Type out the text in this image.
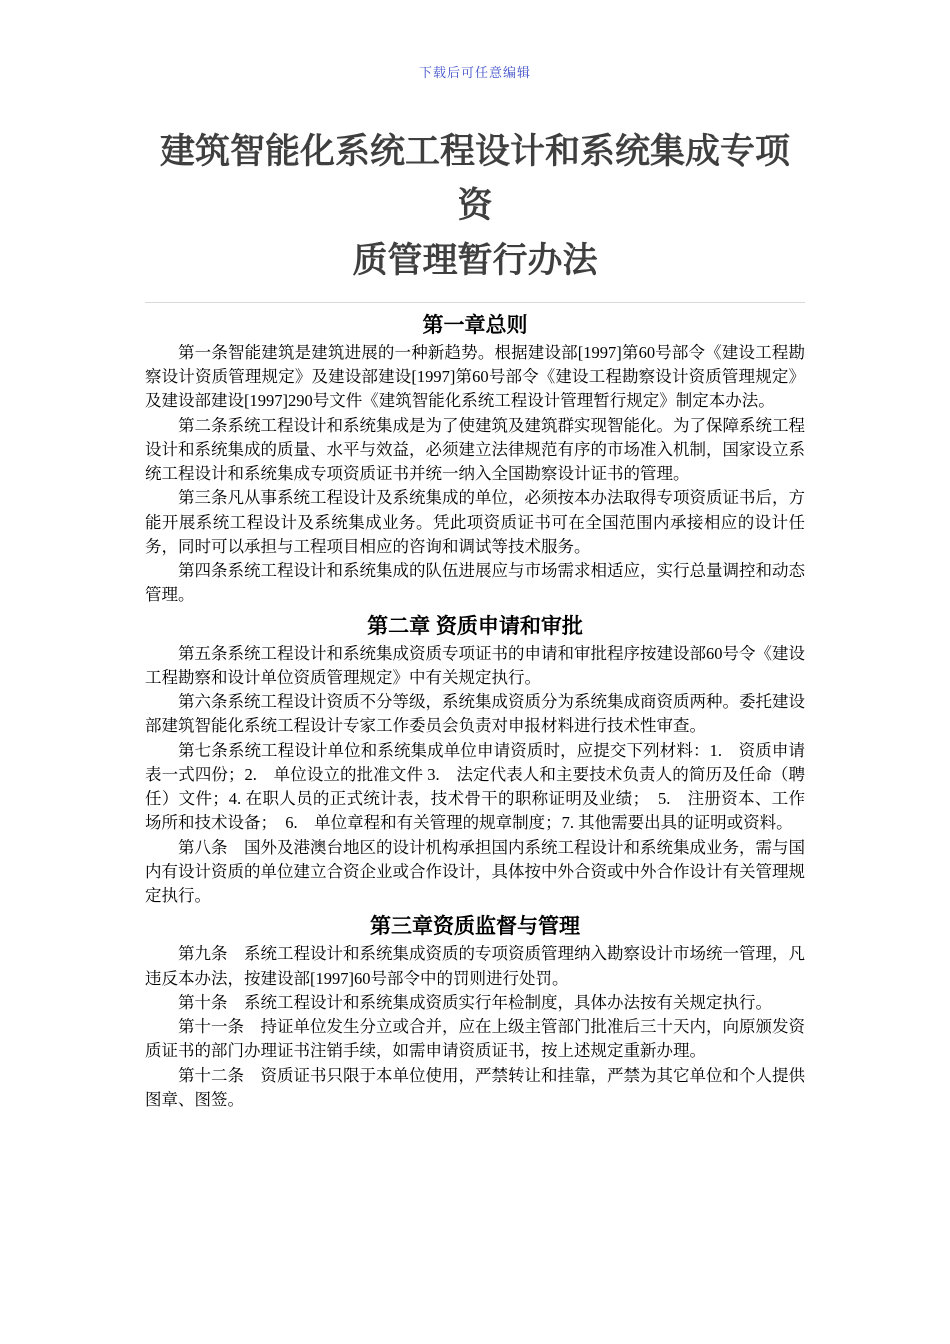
下载后可任意编辑
建筑智能化系统工程设计和系统集成专项资
质管理暂行办法
第一章总则

第一条智能建筑是建筑进展的一种新趋势。根据建设部[1997]第60号部令《建设工程勘察设计资质管理规定》及建设部建设[1997]第60号部令《建设工程勘察设计资质管理规定》及建设部建设[1997]290号文件《建筑智能化系统工程设计管理暂行规定》制定本办法。

第二条系统工程设计和系统集成是为了使建筑及建筑群实现智能化。为了保障系统工程设计和系统集成的质量、水平与效益，必须建立法律规范有序的市场准入机制，国家设立系统工程设计和系统集成专项资质证书并统一纳入全国勘察设计证书的管理。

第三条凡从事系统工程设计及系统集成的单位，必须按本办法取得专项资质证书后，方能开展系统工程设计及系统集成业务。凭此项资质证书可在全国范围内承接相应的设计任务，同时可以承担与工程项目相应的咨询和调试等技术服务。

第四条系统工程设计和系统集成的队伍进展应与市场需求相适应，实行总量调控和动态管理。

第二章 资质申请和审批

第五条系统工程设计和系统集成资质专项证书的申请和审批程序按建设部60号令《建设工程勘察和设计单位资质管理规定》中有关规定执行。

第六条系统工程设计资质不分等级，系统集成资质分为系统集成商资质两种。委托建设部建筑智能化系统工程设计专家工作委员会负责对申报材料进行技术性审查。

第七条系统工程设计单位和系统集成单位申请资质时，应提交下列材料：1.　资质申请表一式四份；2.　单位设立的批准文件 3.　法定代表人和主要技术负责人的简历及任命（聘任）文件；4. 在职人员的正式统计表，技术骨干的职称证明及业绩；　5.　注册资本、工作场所和技术设备；　6.　单位章程和有关管理的规章制度；7. 其他需要出具的证明或资料。

第八条　国外及港澳台地区的设计机构承担国内系统工程设计和系统集成业务，需与国内有设计资质的单位建立合资企业或合作设计，具体按中外合资或中外合作设计有关管理规定执行。

第三章资质监督与管理

第九条　系统工程设计和系统集成资质的专项资质管理纳入勘察设计市场统一管理，凡违反本办法，按建设部[1997]60号部令中的罚则进行处罚。

第十条　系统工程设计和系统集成资质实行年检制度，具体办法按有关规定执行。

第十一条　持证单位发生分立或合并，应在上级主管部门批准后三十天内，向原颁发资质证书的部门办理证书注销手续，如需申请资质证书，按上述规定重新办理。

第十二条　资质证书只限于本单位使用，严禁转让和挂靠，严禁为其它单位和个人提供图章、图签。
